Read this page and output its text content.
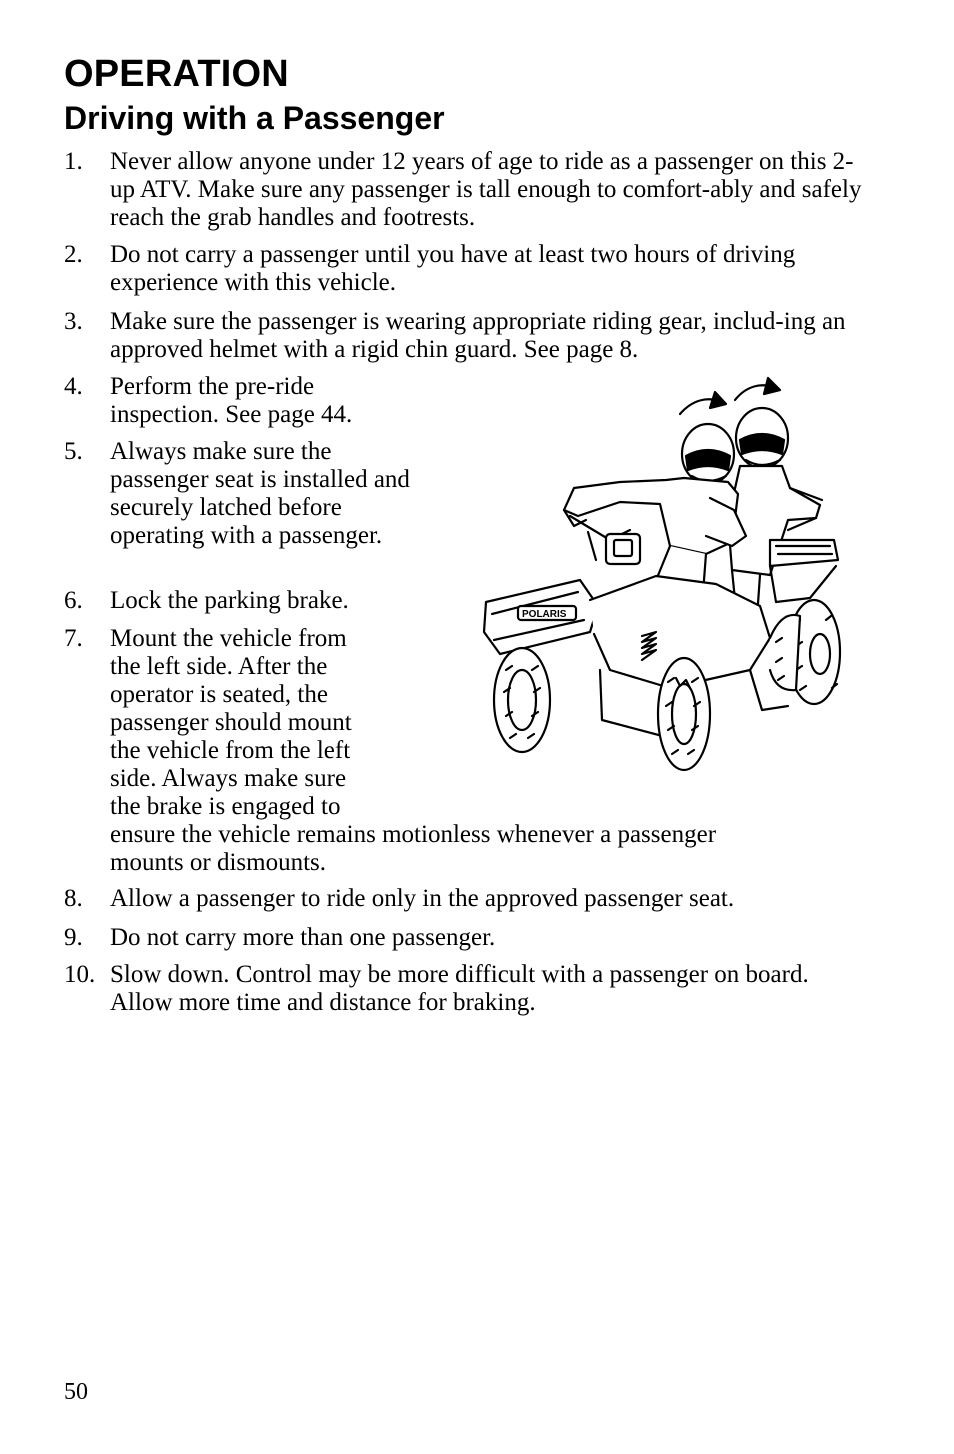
OPERATION
Driving with a Passenger

1. Never allow anyone under 12 years of age to ride as a passenger on this 2-up ATV. Make sure any passenger is tall enough to comfort-ably and safely reach the grab handles and footrests.

2. Do not carry a passenger until you have at least two hours of driving experience with this vehicle.

3. Make sure the passenger is wearing appropriate riding gear, includ-ing an approved helmet with a rigid chin guard. See page 8.

4. Perform the pre-ride inspection. See page 44.

5. Always make sure the passenger seat is installed and securely latched before operating with a passenger.

6. Lock the parking brake.

7. Mount the vehicle from
the left side. After the
operator is seated, the
passenger should mount
the vehicle from the left
side. Always make sure
the brake is engaged to
ensure the vehicle remains motionless whenever a passenger
mounts or dismounts.

8. Allow a passenger to ride only in the approved passenger seat.

9. Do not carry more than one passenger.

10. Slow down. Control may be more difficult with a passenger on board. Allow more time and distance for braking.

POLARIS

50
